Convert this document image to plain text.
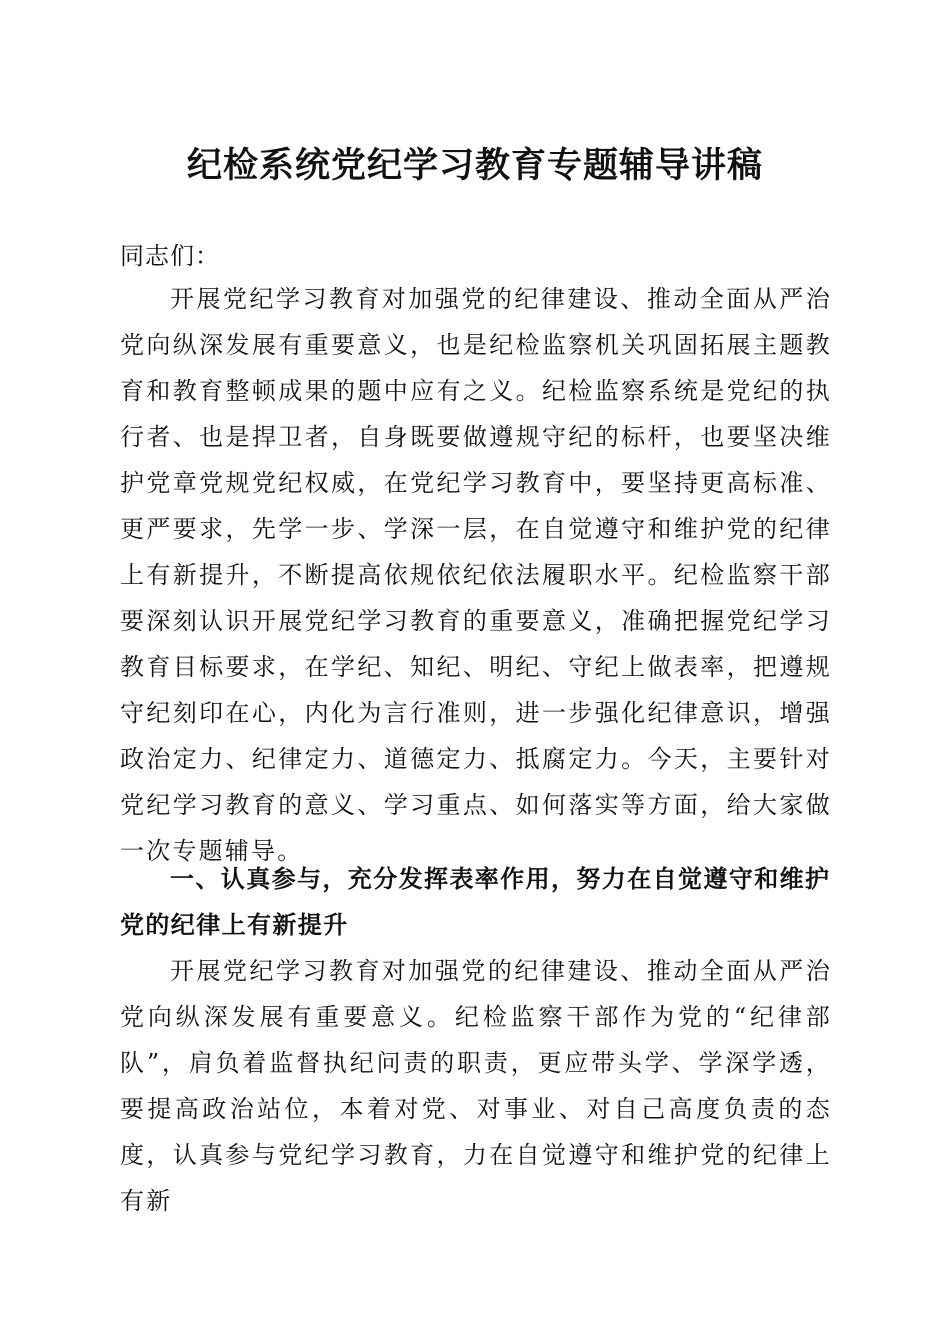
纪检系统党纪学习教育专题辅导讲稿
同志们：

开展党纪学习教育对加强党的纪律建设、推动全面从严治党向纵深发展有重要意义，也是纪检监察机关巩固拓展主题教育和教育整顿成果的题中应有之义。纪检监察系统是党纪的执行者、也是捍卫者，自身既要做遵规守纪的标杆，也要坚决维护党章党规党纪权威，在党纪学习教育中，要坚持更高标准、更严要求，先学一步、学深一层，在自觉遵守和维护党的纪律上有新提升，不断提高依规依纪依法履职水平。纪检监察干部要深刻认识开展党纪学习教育的重要意义，准确把握党纪学习教育目标要求，在学纪、知纪、明纪、守纪上做表率，把遵规守纪刻印在心，内化为言行准则，进一步强化纪律意识，增强政治定力、纪律定力、道德定力、抵腐定力。今天，主要针对党纪学习教育的意义、学习重点、如何落实等方面，给大家做一次专题辅导。

一、认真参与，充分发挥表率作用，努力在自觉遵守和维护党的纪律上有新提升

开展党纪学习教育对加强党的纪律建设、推动全面从严治党向纵深发展有重要意义。纪检监察干部作为党的“纪律部队”，肩负着监督执纪问责的职责，更应带头学、学深学透，要提高政治站位，本着对党、对事业、对自己高度负责的态度，认真参与党纪学习教育，力在自觉遵守和维护党的纪律上有新
